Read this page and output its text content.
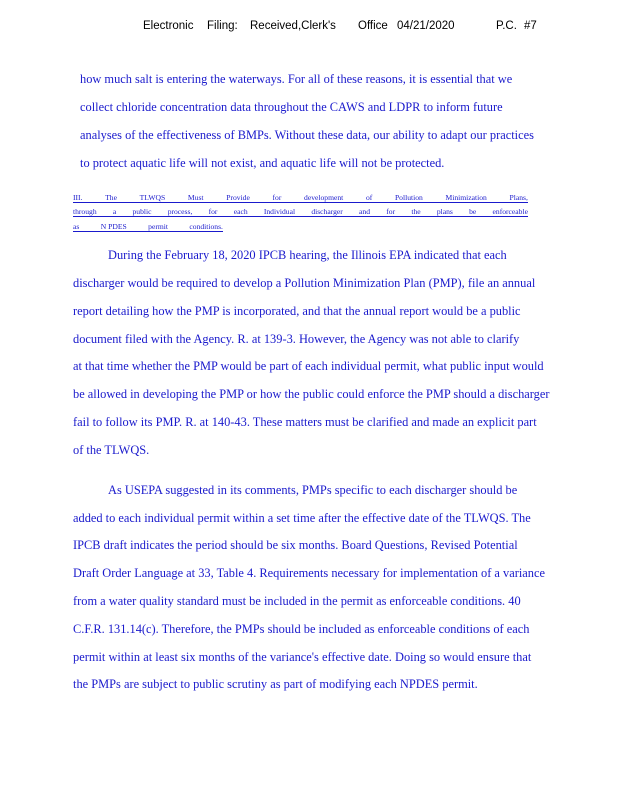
Electronic Filing: Received,Clerk's Office 04/21/2020	P.C. #7
how much salt is entering the waterways. For all of these reasons, it is essential that we
collect chloride concentration data throughout the CAWS and LDPR to inform future
analyses of the effectiveness of BMPs. Without these data, our ability to adapt our practices
to protect aquatic life will not exist, and aquatic life will not be protected.
III.	The	TLWQS	Must	Provide	for	development	of	Pollution	Minimization	Plans,
through a public process, for each Individual discharger and for the plans be enforceable
as	N PDES	permit	conditions.
During the February 18, 2020 IPCB hearing, the Illinois EPA indicated that each
discharger would be required to develop a Pollution Minimization Plan (PMP), file an annual
report detailing how the PMP is incorporated, and that the annual report would be a public
document filed with the Agency. R. at 139-3. However, the Agency was not able to clarify
at that time whether the PMP would be part of each individual permit, what public input would
be allowed in developing the PMP or how the public could enforce the PMP should a discharger
fail to follow its PMP. R. at 140-43. These matters must be clarified and made an explicit part
of the TLWQS.
As USEPA suggested in its comments, PMPs specific to each discharger should be
added to each individual permit within a set time after the effective date of the TLWQS. The
IPCB draft indicates the period should be six months. Board Questions, Revised Potential
Draft Order Language at 33, Table 4. Requirements necessary for implementation of a variance
from a water quality standard must be included in the permit as enforceable conditions. 40
C.F.R. 131.14(c). Therefore, the PMPs should be included as enforceable conditions of each
permit within at least six months of the variance's effective date. Doing so would ensure that
the PMPs are subject to public scrutiny as part of modifying each NPDES permit.
